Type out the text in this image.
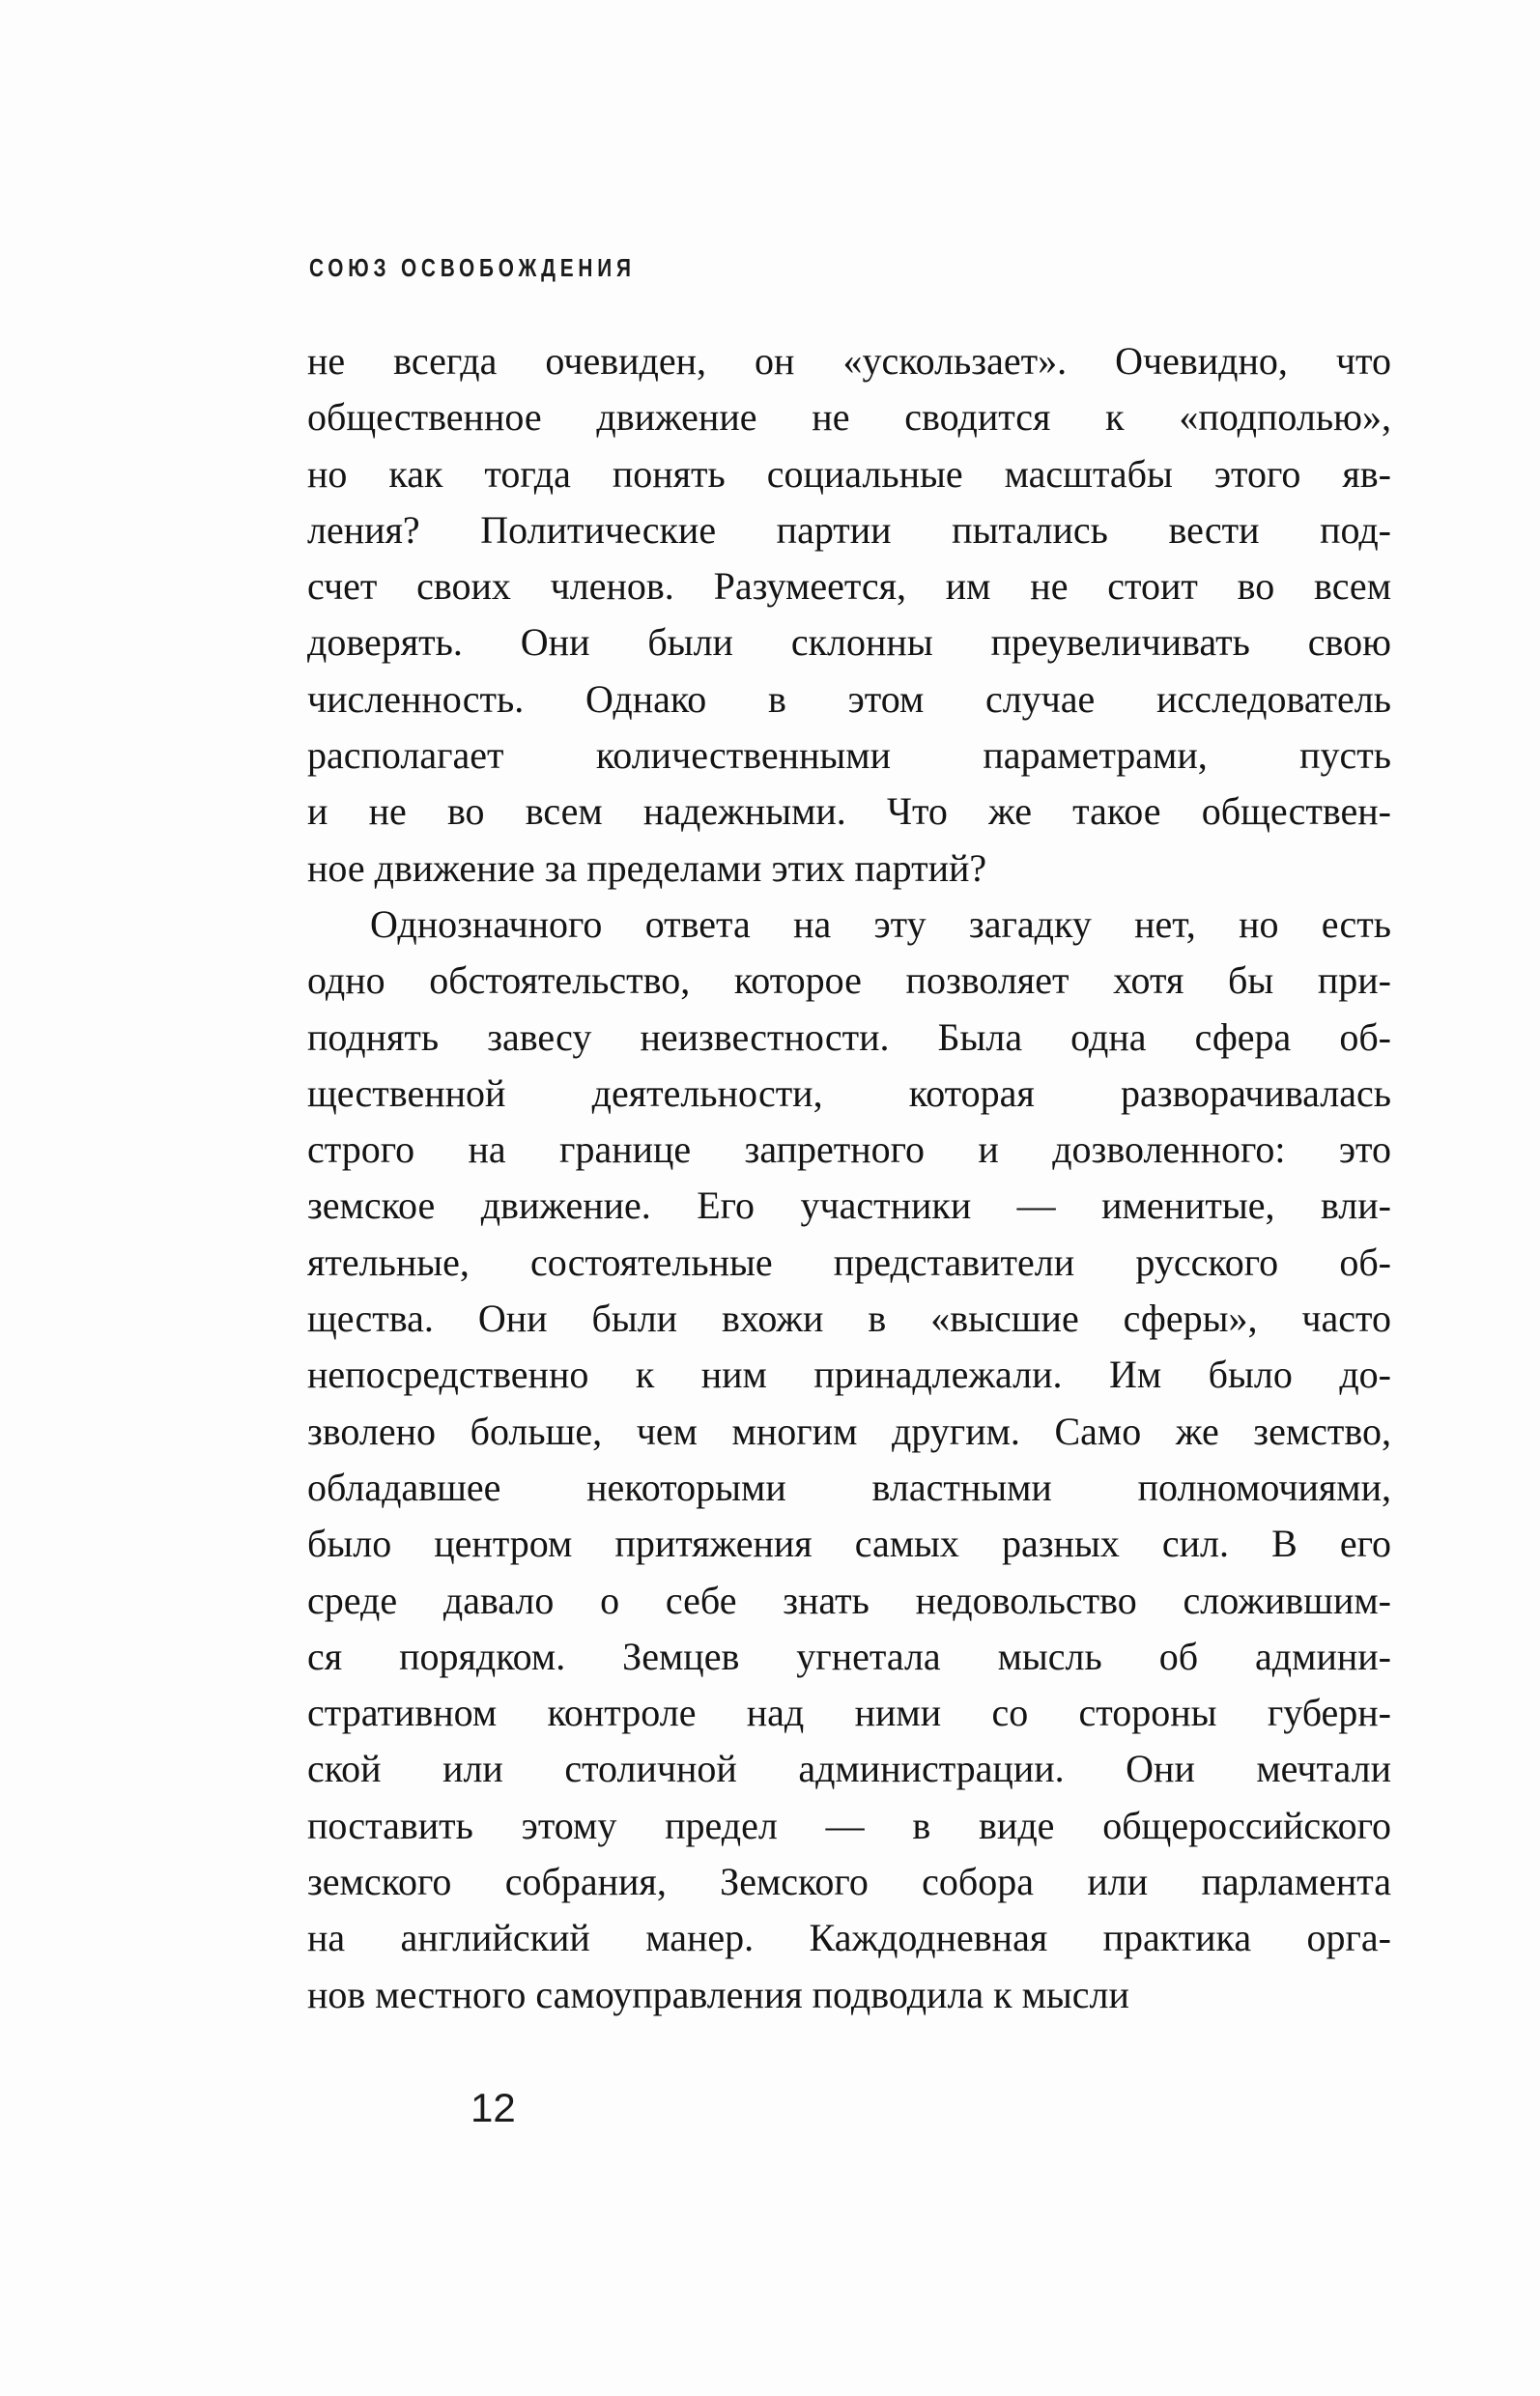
СОЮЗ ОСВОБОЖДЕНИЯ
не всегда очевиден, он «ускользает». Очевидно, что
общественное движение не сводится к «подполью»,
но как тогда понять социальные масштабы этого яв-
ления? Политические партии пытались вести под-
счет своих членов. Разумеется, им не стоит во всем
доверять. Они были склонны преувеличивать свою
численность. Однако в этом случае исследователь
располагает количественными параметрами, пусть
и не во всем надежными. Что же такое обществен-
ное движение за пределами этих партий?
Однозначного ответа на эту загадку нет, но есть
одно обстоятельство, которое позволяет хотя бы при-
поднять завесу неизвестности. Была одна сфера об-
щественной деятельности, которая разворачивалась
строго на границе запретного и дозволенного: это
земское движение. Его участники — именитые, вли-
ятельные, состоятельные представители русского об-
щества. Они были вхожи в «высшие сферы», часто
непосредственно к ним принадлежали. Им было до-
зволено больше, чем многим другим. Само же земство,
обладавшее некоторыми властными полномочиями,
было центром притяжения самых разных сил. В его
среде давало о себе знать недовольство сложившим-
ся порядком. Земцев угнетала мысль об админи-
стративном контроле над ними со стороны губерн-
ской или столичной администрации. Они мечтали
поставить этому предел — в виде общероссийского
земского собрания, Земского собора или парламента
на английский манер. Каждодневная практика орга-
нов местного самоуправления подводила к мысли
12
